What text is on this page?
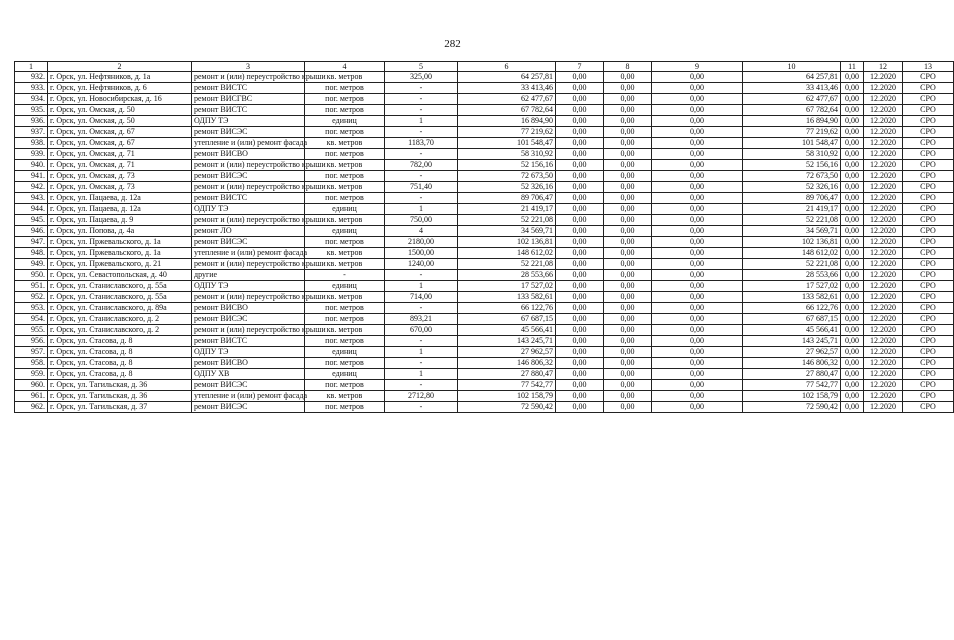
282
1	2	3	4	5	6	7	8	9	10	11	12	13
932.	г. Орск, ул. Нефтяников, д. 1а	ремонт и (или) переустройство крыши	кв. метров	325,00	64 257,81	0,00	0,00	0,00	64 257,81	0,00	12.2020	СРО
933.	г. Орск, ул. Нефтяников, д. 6	ремонт ВИСТС	пог. метров	-	33 413,46	0,00	0,00	0,00	33 413,46	0,00	12.2020	СРО
934.	г. Орск, ул. Новосибирская, д. 16	ремонт ВИСГВС	пог. метров	-	62 477,67	0,00	0,00	0,00	62 477,67	0,00	12.2020	СРО
935.	г. Орск, ул. Омская, д. 50	ремонт ВИСТС	пог. метров	-	67 782,64	0,00	0,00	0,00	67 782,64	0,00	12.2020	СРО
936.	г. Орск, ул. Омская, д. 50	ОДПУ ТЭ	единиц	1	16 894,90	0,00	0,00	0,00	16 894,90	0,00	12.2020	СРО
937.	г. Орск, ул. Омская, д. 67	ремонт ВИСЭС	пог. метров	-	77 219,62	0,00	0,00	0,00	77 219,62	0,00	12.2020	СРО
938.	г. Орск, ул. Омская, д. 67	утепление и (или) ремонт фасада	кв. метров	1183,70	101 548,47	0,00	0,00	0,00	101 548,47	0,00	12.2020	СРО
939.	г. Орск, ул. Омская, д. 71	ремонт ВИСВО	пог. метров	-	58 310,92	0,00	0,00	0,00	58 310,92	0,00	12.2020	СРО
940.	г. Орск, ул. Омская, д. 71	ремонт и (или) переустройство крыши	кв. метров	782,00	52 156,16	0,00	0,00	0,00	52 156,16	0,00	12.2020	СРО
941.	г. Орск, ул. Омская, д. 73	ремонт ВИСЭС	пог. метров	-	72 673,50	0,00	0,00	0,00	72 673,50	0,00	12.2020	СРО
942.	г. Орск, ул. Омская, д. 73	ремонт и (или) переустройство крыши	кв. метров	751,40	52 326,16	0,00	0,00	0,00	52 326,16	0,00	12.2020	СРО
943.	г. Орск, ул. Пацаева, д. 12а	ремонт ВИСТС	пог. метров	-	89 706,47	0,00	0,00	0,00	89 706,47	0,00	12.2020	СРО
944.	г. Орск, ул. Пацаева, д. 12а	ОДПУ ТЭ	единиц	1	21 419,17	0,00	0,00	0,00	21 419,17	0,00	12.2020	СРО
945.	г. Орск, ул. Пацаева, д. 9	ремонт и (или) переустройство крыши	кв. метров	750,00	52 221,08	0,00	0,00	0,00	52 221,08	0,00	12.2020	СРО
946.	г. Орск, ул. Попова, д. 4а	ремонт ЛО	единиц	4	34 569,71	0,00	0,00	0,00	34 569,71	0,00	12.2020	СРО
947.	г. Орск, ул. Пржевальского, д. 1а	ремонт ВИСЭС	пог. метров	2180,00	102 136,81	0,00	0,00	0,00	102 136,81	0,00	12.2020	СРО
948.	г. Орск, ул. Пржевальского, д. 1а	утепление и (или) ремонт фасада	кв. метров	1500,00	148 612,02	0,00	0,00	0,00	148 612,02	0,00	12.2020	СРО
949.	г. Орск, ул. Пржевальского, д. 21	ремонт и (или) переустройство крыши	кв. метров	1240,00	52 221,08	0,00	0,00	0,00	52 221,08	0,00	12.2020	СРО
950.	г. Орск, ул. Севастопольская, д. 40	другие	-	-	28 553,66	0,00	0,00	0,00	28 553,66	0,00	12.2020	СРО
951.	г. Орск, ул. Станиславского, д. 55а	ОДПУ ТЭ	единиц	1	17 527,02	0,00	0,00	0,00	17 527,02	0,00	12.2020	СРО
952.	г. Орск, ул. Станиславского, д. 55а	ремонт и (или) переустройство крыши	кв. метров	714,00	133 582,61	0,00	0,00	0,00	133 582,61	0,00	12.2020	СРО
953.	г. Орск, ул. Станиславского, д. 89а	ремонт ВИСВО	пог. метров	-	66 122,76	0,00	0,00	0,00	66 122,76	0,00	12.2020	СРО
954.	г. Орск, ул. Станиславского, д. 2	ремонт ВИСЭС	пог. метров	893,21	67 687,15	0,00	0,00	0,00	67 687,15	0,00	12.2020	СРО
955.	г. Орск, ул. Станиславского, д. 2	ремонт и (или) переустройство крыши	кв. метров	670,00	45 566,41	0,00	0,00	0,00	45 566,41	0,00	12.2020	СРО
956.	г. Орск, ул. Стасова, д. 8	ремонт ВИСТС	пог. метров	-	143 245,71	0,00	0,00	0,00	143 245,71	0,00	12.2020	СРО
957.	г. Орск, ул. Стасова, д. 8	ОДПУ ТЭ	единиц	1	27 962,57	0,00	0,00	0,00	27 962,57	0,00	12.2020	СРО
958.	г. Орск, ул. Стасова, д. 8	ремонт ВИСВО	пог. метров	-	146 806,32	0,00	0,00	0,00	146 806,32	0,00	12.2020	СРО
959.	г. Орск, ул. Стасова, д. 8	ОДПУ ХВ	единиц	1	27 880,47	0,00	0,00	0,00	27 880,47	0,00	12.2020	СРО
960.	г. Орск, ул. Тагильская, д. 36	ремонт ВИСЭС	пог. метров	-	77 542,77	0,00	0,00	0,00	77 542,77	0,00	12.2020	СРО
961.	г. Орск, ул. Тагильская, д. 36	утепление и (или) ремонт фасада	кв. метров	2712,80	102 158,79	0,00	0,00	0,00	102 158,79	0,00	12.2020	СРО
962.	г. Орск, ул. Тагильская, д. 37	ремонт ВИСЭС	пог. метров	-	72 590,42	0,00	0,00	0,00	72 590,42	0,00	12.2020	СРО
